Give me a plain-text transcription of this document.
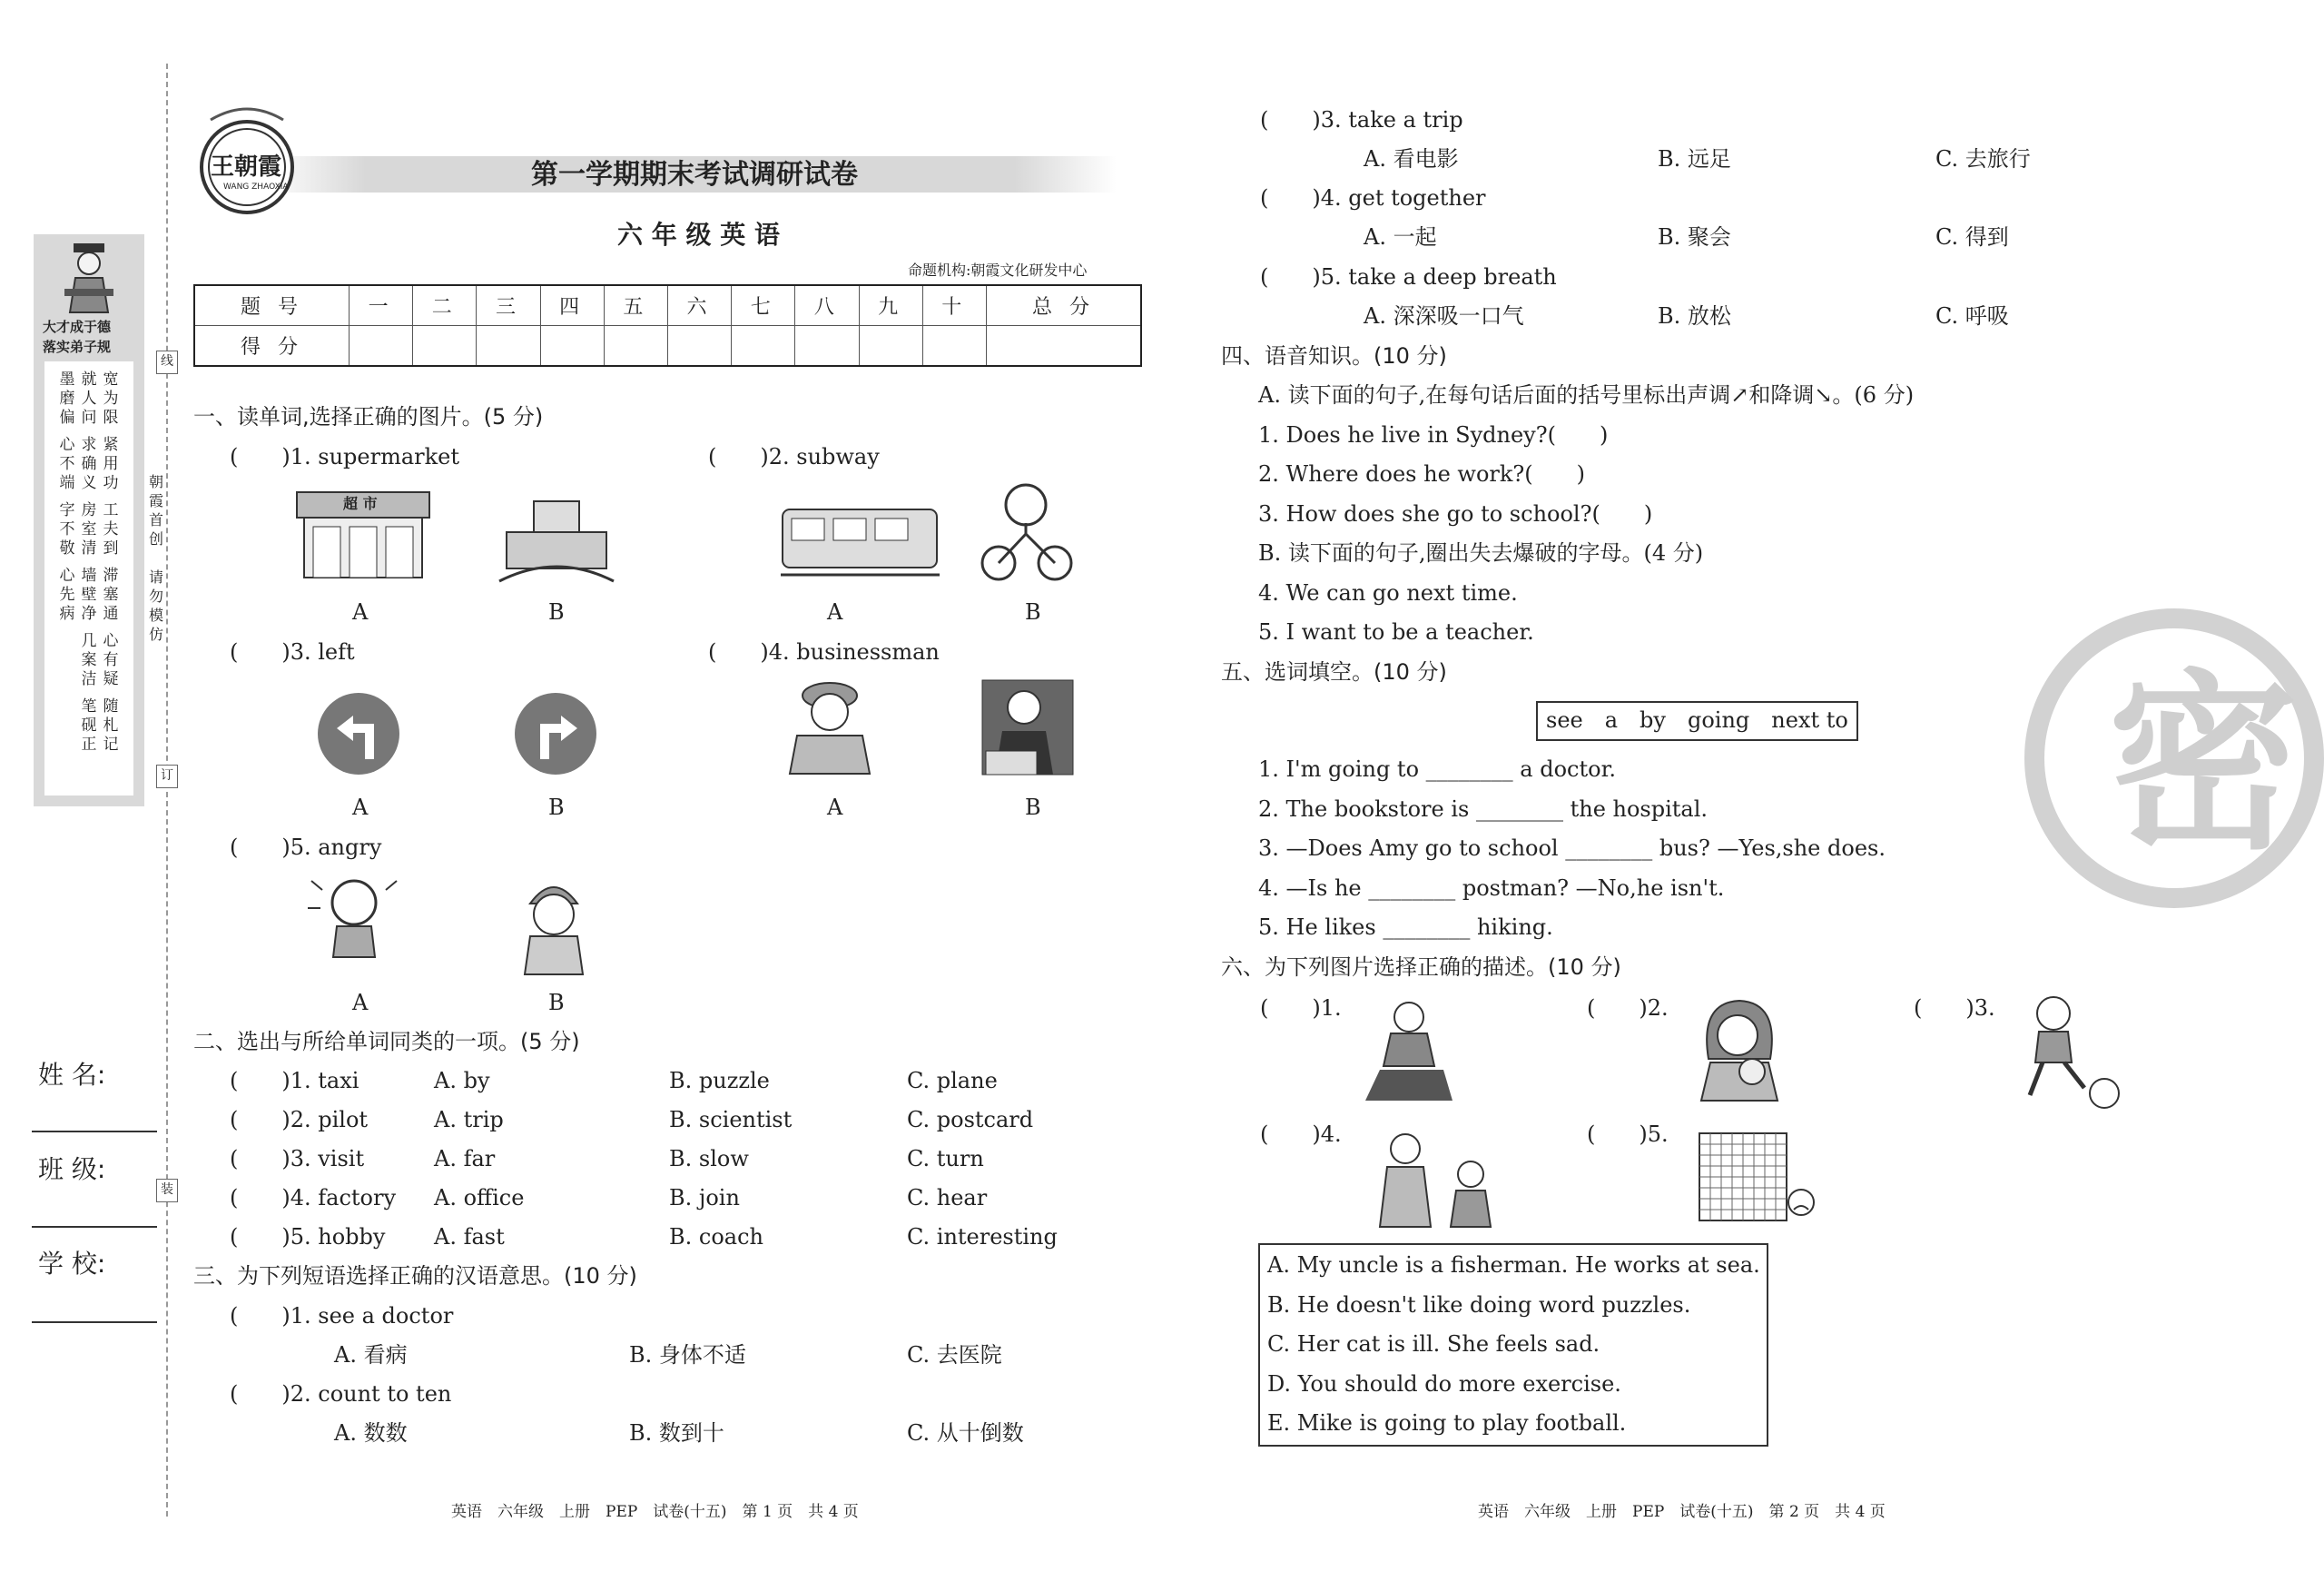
大才成于德
落实弟子规
宽为限
紧用功
工夫到
滞塞通
心有疑
随札记
就人问
求确义
房室清
墙壁净
几案洁
笔砚正
墨磨偏
心不端
字不敬
心先病
朝霞首创
请勿模仿
线
订
装
姓 名:
班 级:
学 校:
王朝霞
WANG ZHAOXIA	第一学期期末考试调研试卷
六 年 级 英 语
命题机构:朝霞文化研发中心
题 号	一	二	三	四	五	六	七	八	九	十	总 分
得 分											
一、读单词,选择正确的图片。(5 分)
(　　)1. supermarket	(　　)2. subway
超 市
A	B	A	B
(　　)3. left	(　　)4. businessman
A	B	A	B
(　　)5. angry
A	B
二、选出与所给单词同类的一项。(5 分)
(　　)1. taxi	A. by	B. puzzle	C. plane
(　　)2. pilot	A. trip	B. scientist	C. postcard
(　　)3. visit	A. far	B. slow	C. turn
(　　)4. factory A. office	B. join	C. hear
(　　)5. hobby A. fast	B. coach	C. interesting
三、为下列短语选择正确的汉语意思。(10 分)
(　　)1. see a doctor
A. 看病	B. 身体不适	C. 去医院
(　　)2. count to ten
A. 数数	B. 数到十	C. 从十倒数
英语　六年级　上册　PEP　试卷(十五)　第 1 页　共 4 页
(　　)3. take a trip
A. 看电影	B. 远足	C. 去旅行
(　　)4. get together
A. 一起	B. 聚会	C. 得到
(　　)5. take a deep breath
A. 深深吸一口气	B. 放松	C. 呼吸
四、语音知识。(10 分)
A. 读下面的句子,在每句话后面的括号里标出声调↗和降调↘。(6 分)
1. Does he live in Sydney?(　　)
2. Where does he work?(　　)
3. How does she go to school?(　　)
B. 读下面的句子,圈出失去爆破的字母。(4 分)
4. We can go next time.
5. I want to be a teacher.
五、选词填空。(10 分)
see　a　by　going　next to
1. I'm going to ________ a doctor.
2. The bookstore is ________ the hospital.
3. —Does Amy go to school ________ bus? —Yes,she does.
4. —Is he ________ postman? —No,he isn't.
5. He likes ________ hiking.
六、为下列图片选择正确的描述。(10 分)
(　　)1.	(　　)2.	(　　)3.
(　　)4.	(　　)5.
A. My uncle is a fisherman. He works at sea.
B. He doesn't like doing word puzzles.
C. Her cat is ill. She feels sad.
D. You should do more exercise.
E. Mike is going to play football.
英语　六年级　上册　PEP　试卷(十五)　第 2 页　共 4 页
密
